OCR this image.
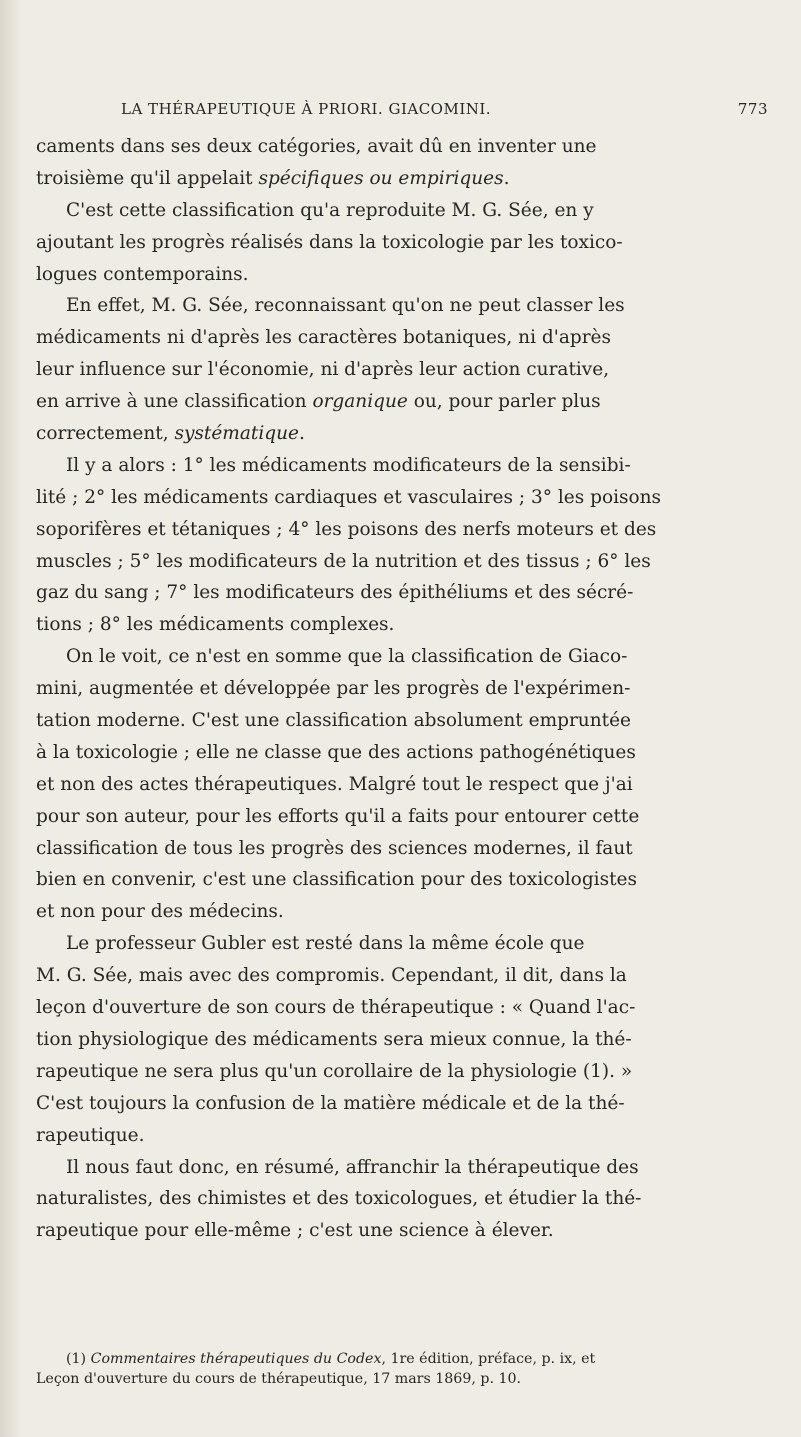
LA THÉRAPEUTIQUE À PRIORI. GIACOMINI.	773
caments dans ses deux catégories, avait dû en inventer une
troisième qu'il appelait spécifiques ou empiriques.
C'est cette classification qu'a reproduite M. G. Sée, en y
ajoutant les progrès réalisés dans la toxicologie par les toxico-
logues contemporains.
En effet, M. G. Sée, reconnaissant qu'on ne peut classer les
médicaments ni d'après les caractères botaniques, ni d'après
leur influence sur l'économie, ni d'après leur action curative,
en arrive à une classification organique ou, pour parler plus
correctement, systématique.
Il y a alors : 1° les médicaments modificateurs de la sensibi-
lité ; 2° les médicaments cardiaques et vasculaires ; 3° les poisons
soporifères et tétaniques ; 4° les poisons des nerfs moteurs et des
muscles ; 5° les modificateurs de la nutrition et des tissus ; 6° les
gaz du sang ; 7° les modificateurs des épithéliums et des sécré-
tions ; 8° les médicaments complexes.
On le voit, ce n'est en somme que la classification de Giaco-
mini, augmentée et développée par les progrès de l'expérimen-
tation moderne. C'est une classification absolument empruntée
à la toxicologie ; elle ne classe que des actions pathogénétiques
et non des actes thérapeutiques. Malgré tout le respect que j'ai
pour son auteur, pour les efforts qu'il a faits pour entourer cette
classification de tous les progrès des sciences modernes, il faut
bien en convenir, c'est une classification pour des toxicologistes
et non pour des médecins.
Le professeur Gubler est resté dans la même école que
M. G. Sée, mais avec des compromis. Cependant, il dit, dans la
leçon d'ouverture de son cours de thérapeutique : « Quand l'ac-
tion physiologique des médicaments sera mieux connue, la thé-
rapeutique ne sera plus qu'un corollaire de la physiologie (1). »
C'est toujours la confusion de la matière médicale et de la thé-
rapeutique.
Il nous faut donc, en résumé, affranchir la thérapeutique des
naturalistes, des chimistes et des toxicologues, et étudier la thé-
rapeutique pour elle-même ; c'est une science à élever.
(1) Commentaires thérapeutiques du Codex, 1re édition, préface, p. ix, et
Leçon d'ouverture du cours de thérapeutique, 17 mars 1869, p. 10.
